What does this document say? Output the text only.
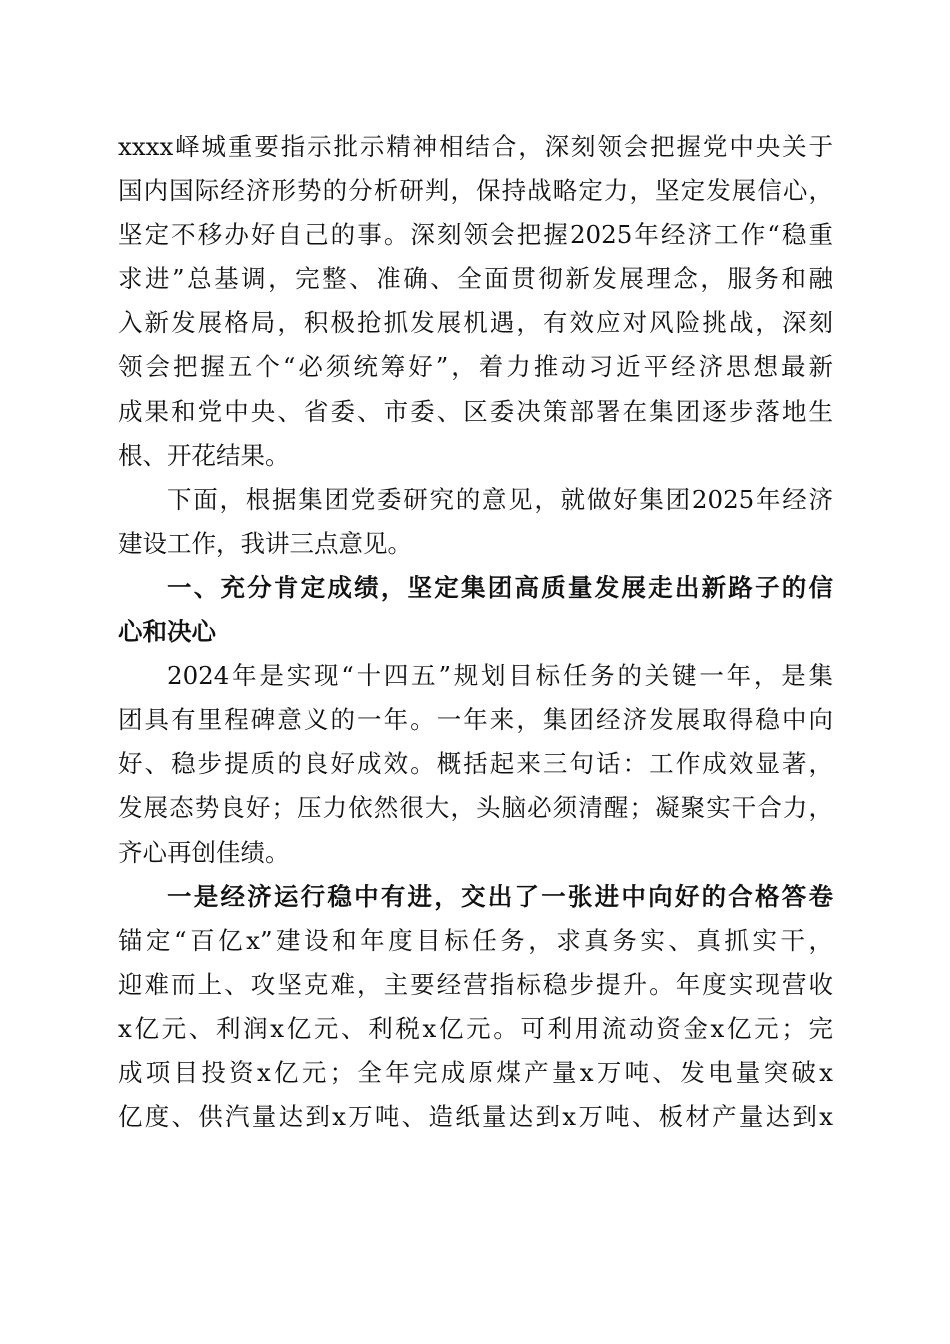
xxxx峄城重要指示批示精神相结合，深刻领会把握党中央关于
国内国际经济形势的分析研判，保持战略定力，坚定发展信心，
坚定不移办好自己的事。深刻领会把握2025年经济工作“稳重
求进”总基调，完整、准确、全面贯彻新发展理念，服务和融
入新发展格局，积极抢抓发展机遇，有效应对风险挑战，深刻
领会把握五个“必须统筹好”，着力推动习近平经济思想最新
成果和党中央、省委、市委、区委决策部署在集团逐步落地生
根、开花结果。
下面，根据集团党委研究的意见，就做好集团2025年经济
建设工作，我讲三点意见。
一、充分肯定成绩，坚定集团高质量发展走出新路子的信
心和决心
2024年是实现“十四五”规划目标任务的关键一年，是集
团具有里程碑意义的一年。一年来，集团经济发展取得稳中向
好、稳步提质的良好成效。概括起来三句话：工作成效显著，
发展态势良好；压力依然很大，头脑必须清醒；凝聚实干合力，
齐心再创佳绩。
一是经济运行稳中有进，交出了一张进中向好的合格答卷
锚定“百亿x”建设和年度目标任务，求真务实、真抓实干，
迎难而上、攻坚克难，主要经营指标稳步提升。年度实现营收
x亿元、利润x亿元、利税x亿元。可利用流动资金x亿元；完
成项目投资x亿元；全年完成原煤产量x万吨、发电量突破x
亿度、供汽量达到x万吨、造纸量达到x万吨、板材产量达到x
